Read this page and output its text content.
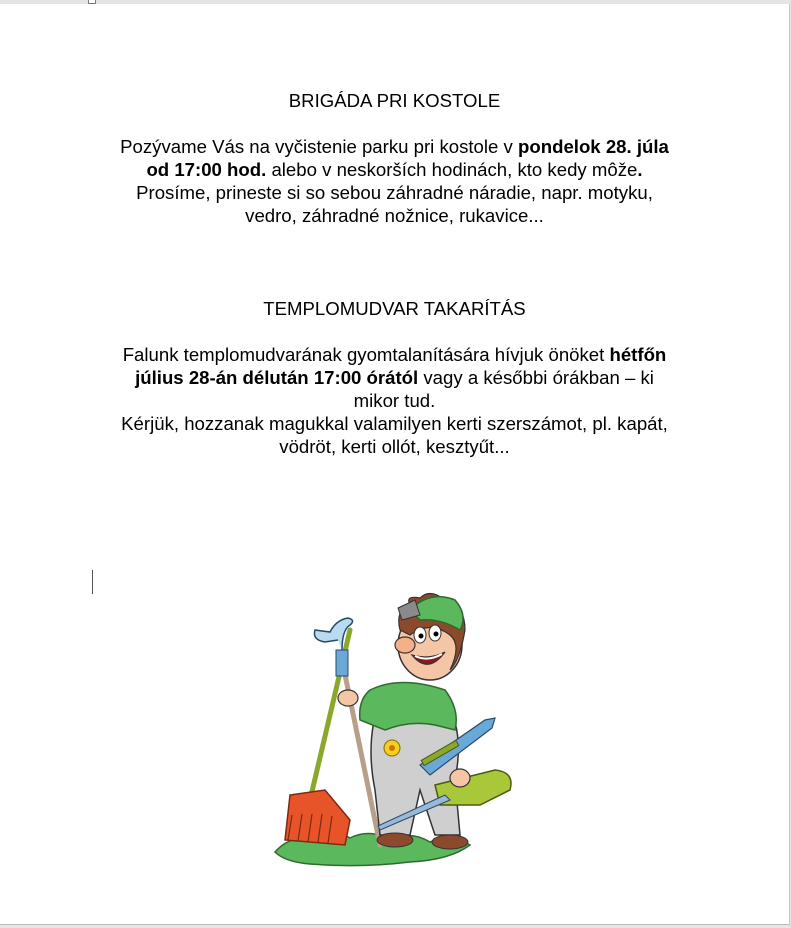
BRIGÁDA PRI KOSTOLE

Pozývame Vás na vyčistenie parku pri kostole v pondelok 28. júla
od 17:00 hod. alebo v neskorších hodinách, kto kedy môže.
Prosíme, prineste si so sebou záhradné náradie, napr. motyku,
vedro, záhradné nožnice, rukavice...

TEMPLOMUDVAR TAKARÍTÁS

Falunk templomudvarának gyomtalanítására hívjuk önöket hétfőn
július 28-án délután 17:00 órától vagy a későbbi órákban – ki
mikor tud.
Kérjük, hozzanak magukkal valamilyen kerti szerszámot, pl. kapát,
vödröt, kerti ollót, kesztyűt...
